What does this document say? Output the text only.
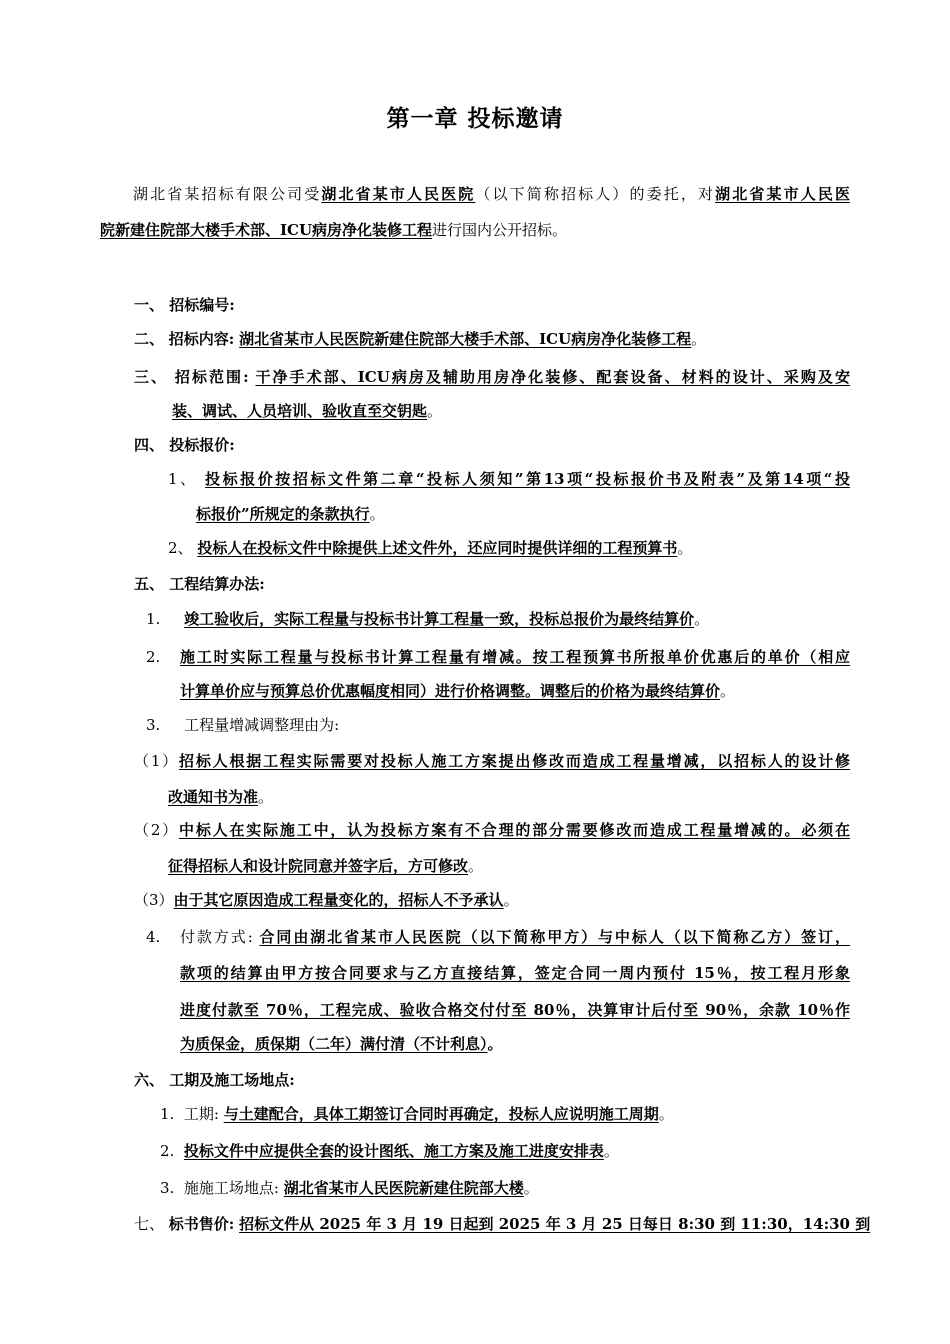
第一章 投标邀请
湖北省某招标有限公司受湖北省某市人民医院（以下简称招标人）的委托，对湖北省某市人民医
院新建住院部大楼手术部、ICU病房净化装修工程进行国内公开招标。
一、 招标编号:
二、 招标内容: 湖北省某市人民医院新建住院部大楼手术部、ICU病房净化装修工程。
三、 招标范围: 干净手术部、ICU病房及辅助用房净化装修、配套设备、材料的设计、采购及安
装、调试、人员培训、验收直至交钥匙。
四、 投标报价:
1、 投标报价按招标文件第二章“投标人须知”第13项“投标报价书及附表”及第14项“投
标报价”所规定的条款执行。
2、 投标人在投标文件中除提供上述文件外，还应同时提供详细的工程预算书。
五、 工程结算办法:
1. 竣工验收后，实际工程量与投标书计算工程量一致，投标总报价为最终结算价。
2. 施工时实际工程量与投标书计算工程量有增减。按工程预算书所报单价优惠后的单价（相应
计算单价应与预算总价优惠幅度相同）进行价格调整。调整后的价格为最终结算价。
3. 工程量增减调整理由为:
（1）招标人根据工程实际需要对投标人施工方案提出修改而造成工程量增减，以招标人的设计修
改通知书为准。
（2）中标人在实际施工中，认为投标方案有不合理的部分需要修改而造成工程量增减的。必须在
征得招标人和设计院同意并签字后，方可修改。
（3）由于其它原因造成工程量变化的，招标人不予承认。
4. 付款方式: 合同由湖北省某市人民医院（以下简称甲方）与中标人（以下简称乙方）签订，
款项的结算由甲方按合同要求与乙方直接结算，签定合同一周内预付 15％，按工程月形象
进度付款至 70％，工程完成、验收合格交付付至 80％，决算审计后付至 90％，余款 10％作
为质保金，质保期（二年）满付清（不计利息）。
六、 工期及施工场地点:
1. 工期: 与土建配合，具体工期签订合同时再确定，投标人应说明施工周期。
2. 投标文件中应提供全套的设计图纸、施工方案及施工进度安排表。
3. 施施工场地点: 湖北省某市人民医院新建住院部大楼。
七、 标书售价: 招标文件从 2025 年 3 月 19 日起到 2025 年 3 月 25 日每日 8:30 到 11:30，14:30 到
